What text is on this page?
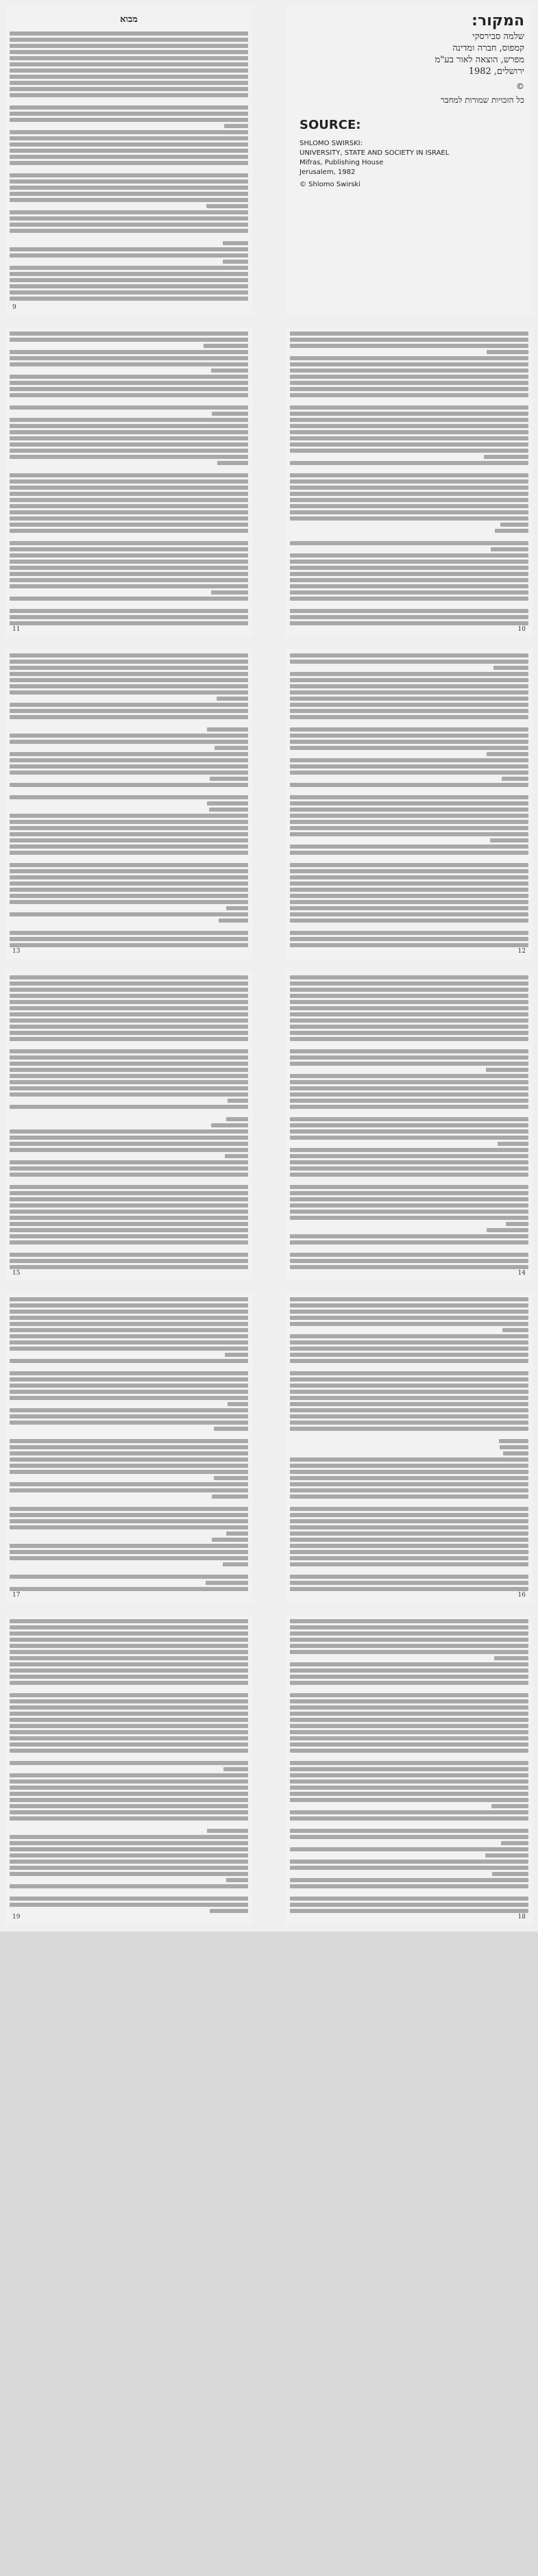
מבוא
9
המקור:
שלמה סבירסקי
קמפוס, חברה ומדינה
מפרש, הוצאה לאור בע"מ
ירושלים, 1982
©
כל הזכויות שמורות למחבר
SOURCE:
SHLOMO SWIRSKI:
UNIVERSITY, STATE AND SOCIETY IN ISRAEL
Mifras, Publishing House
Jerusalem, 1982
© Shlomo Swirski
11	10
13	12
15	14
17	16
19	18
